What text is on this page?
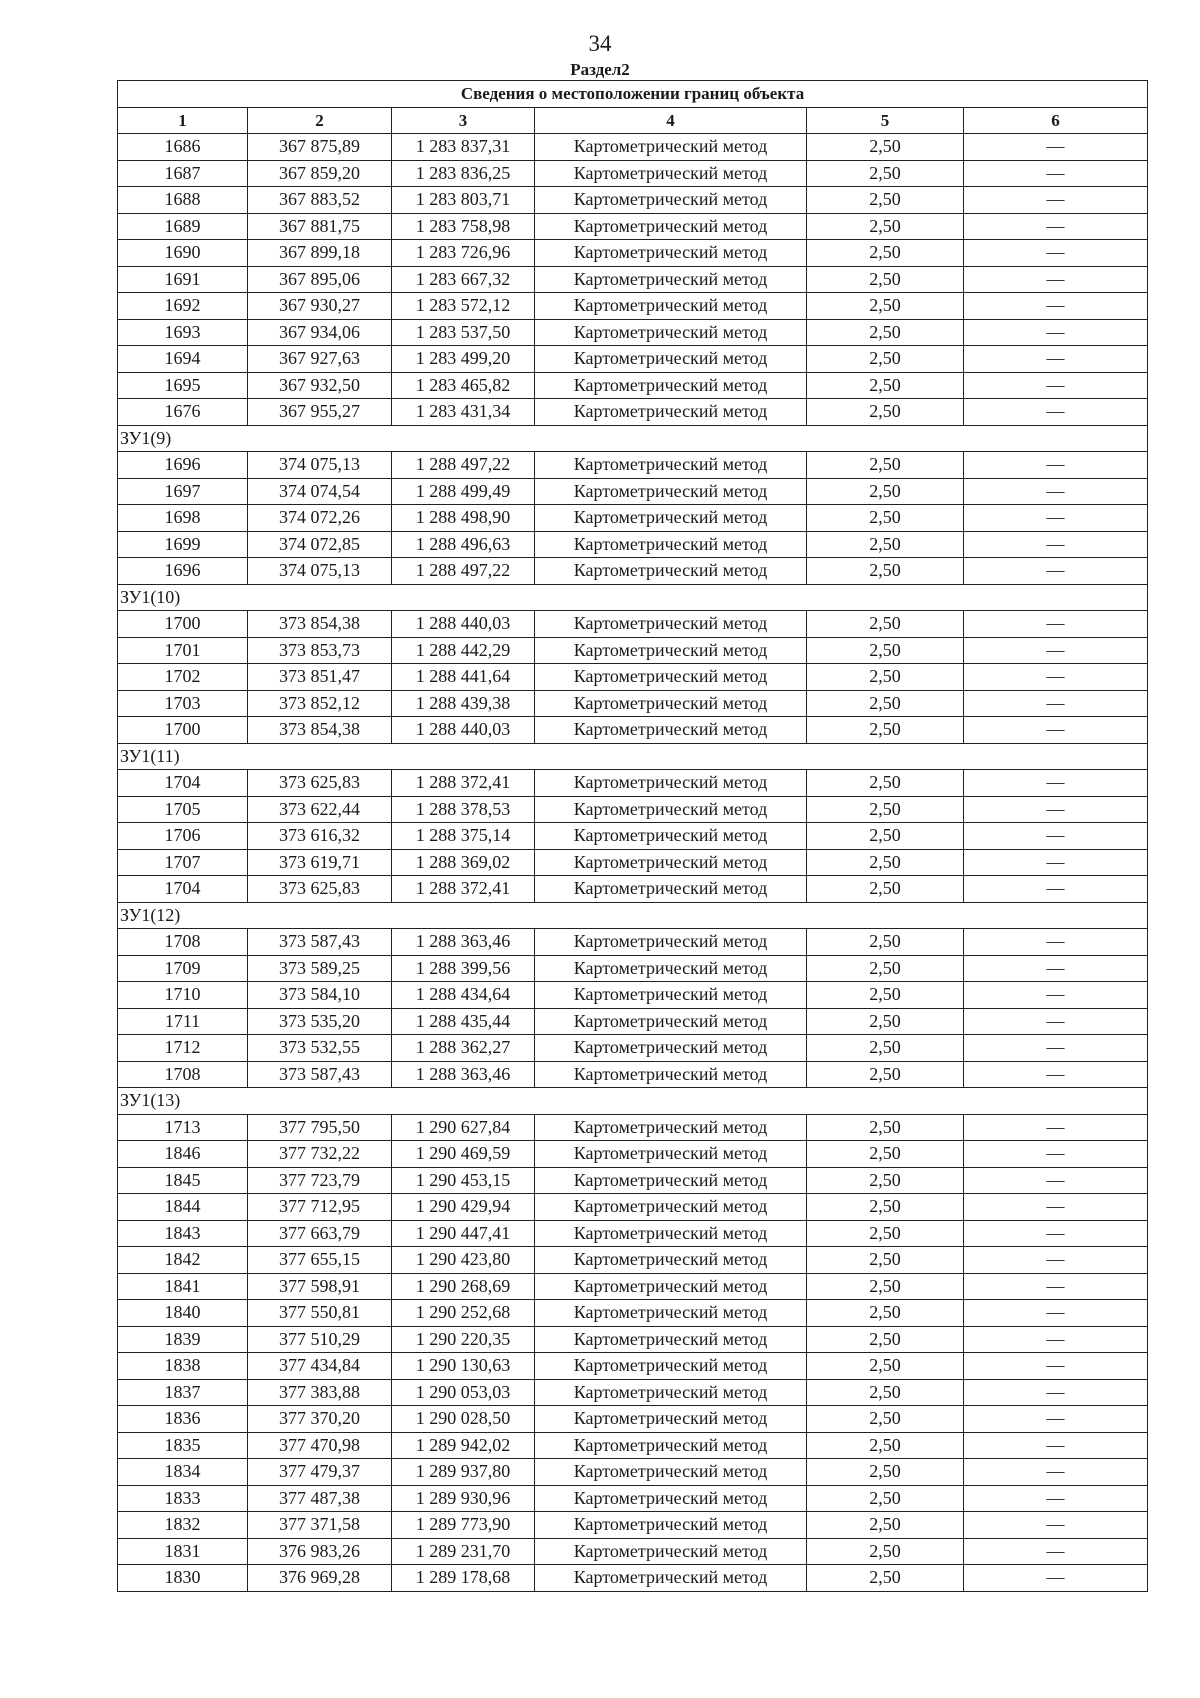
34
Раздел2
Сведения о местоположении границ объекта					
1	2	3	4	5	6
1686	367 875,89	1 283 837,31	Картометрический метод	2,50	—
1687	367 859,20	1 283 836,25	Картометрический метод	2,50	—
1688	367 883,52	1 283 803,71	Картометрический метод	2,50	—
1689	367 881,75	1 283 758,98	Картометрический метод	2,50	—
1690	367 899,18	1 283 726,96	Картометрический метод	2,50	—
1691	367 895,06	1 283 667,32	Картометрический метод	2,50	—
1692	367 930,27	1 283 572,12	Картометрический метод	2,50	—
1693	367 934,06	1 283 537,50	Картометрический метод	2,50	—
1694	367 927,63	1 283 499,20	Картометрический метод	2,50	—
1695	367 932,50	1 283 465,82	Картометрический метод	2,50	—
1676	367 955,27	1 283 431,34	Картометрический метод	2,50	—
ЗУ1(9)					
1696	374 075,13	1 288 497,22	Картометрический метод	2,50	—
1697	374 074,54	1 288 499,49	Картометрический метод	2,50	—
1698	374 072,26	1 288 498,90	Картометрический метод	2,50	—
1699	374 072,85	1 288 496,63	Картометрический метод	2,50	—
1696	374 075,13	1 288 497,22	Картометрический метод	2,50	—
ЗУ1(10)					
1700	373 854,38	1 288 440,03	Картометрический метод	2,50	—
1701	373 853,73	1 288 442,29	Картометрический метод	2,50	—
1702	373 851,47	1 288 441,64	Картометрический метод	2,50	—
1703	373 852,12	1 288 439,38	Картометрический метод	2,50	—
1700	373 854,38	1 288 440,03	Картометрический метод	2,50	—
ЗУ1(11)					
1704	373 625,83	1 288 372,41	Картометрический метод	2,50	—
1705	373 622,44	1 288 378,53	Картометрический метод	2,50	—
1706	373 616,32	1 288 375,14	Картометрический метод	2,50	—
1707	373 619,71	1 288 369,02	Картометрический метод	2,50	—
1704	373 625,83	1 288 372,41	Картометрический метод	2,50	—
ЗУ1(12)					
1708	373 587,43	1 288 363,46	Картометрический метод	2,50	—
1709	373 589,25	1 288 399,56	Картометрический метод	2,50	—
1710	373 584,10	1 288 434,64	Картометрический метод	2,50	—
1711	373 535,20	1 288 435,44	Картометрический метод	2,50	—
1712	373 532,55	1 288 362,27	Картометрический метод	2,50	—
1708	373 587,43	1 288 363,46	Картометрический метод	2,50	—
ЗУ1(13)					
1713	377 795,50	1 290 627,84	Картометрический метод	2,50	—
1846	377 732,22	1 290 469,59	Картометрический метод	2,50	—
1845	377 723,79	1 290 453,15	Картометрический метод	2,50	—
1844	377 712,95	1 290 429,94	Картометрический метод	2,50	—
1843	377 663,79	1 290 447,41	Картометрический метод	2,50	—
1842	377 655,15	1 290 423,80	Картометрический метод	2,50	—
1841	377 598,91	1 290 268,69	Картометрический метод	2,50	—
1840	377 550,81	1 290 252,68	Картометрический метод	2,50	—
1839	377 510,29	1 290 220,35	Картометрический метод	2,50	—
1838	377 434,84	1 290 130,63	Картометрический метод	2,50	—
1837	377 383,88	1 290 053,03	Картометрический метод	2,50	—
1836	377 370,20	1 290 028,50	Картометрический метод	2,50	—
1835	377 470,98	1 289 942,02	Картометрический метод	2,50	—
1834	377 479,37	1 289 937,80	Картометрический метод	2,50	—
1833	377 487,38	1 289 930,96	Картометрический метод	2,50	—
1832	377 371,58	1 289 773,90	Картометрический метод	2,50	—
1831	376 983,26	1 289 231,70	Картометрический метод	2,50	—
1830	376 969,28	1 289 178,68	Картометрический метод	2,50	—
